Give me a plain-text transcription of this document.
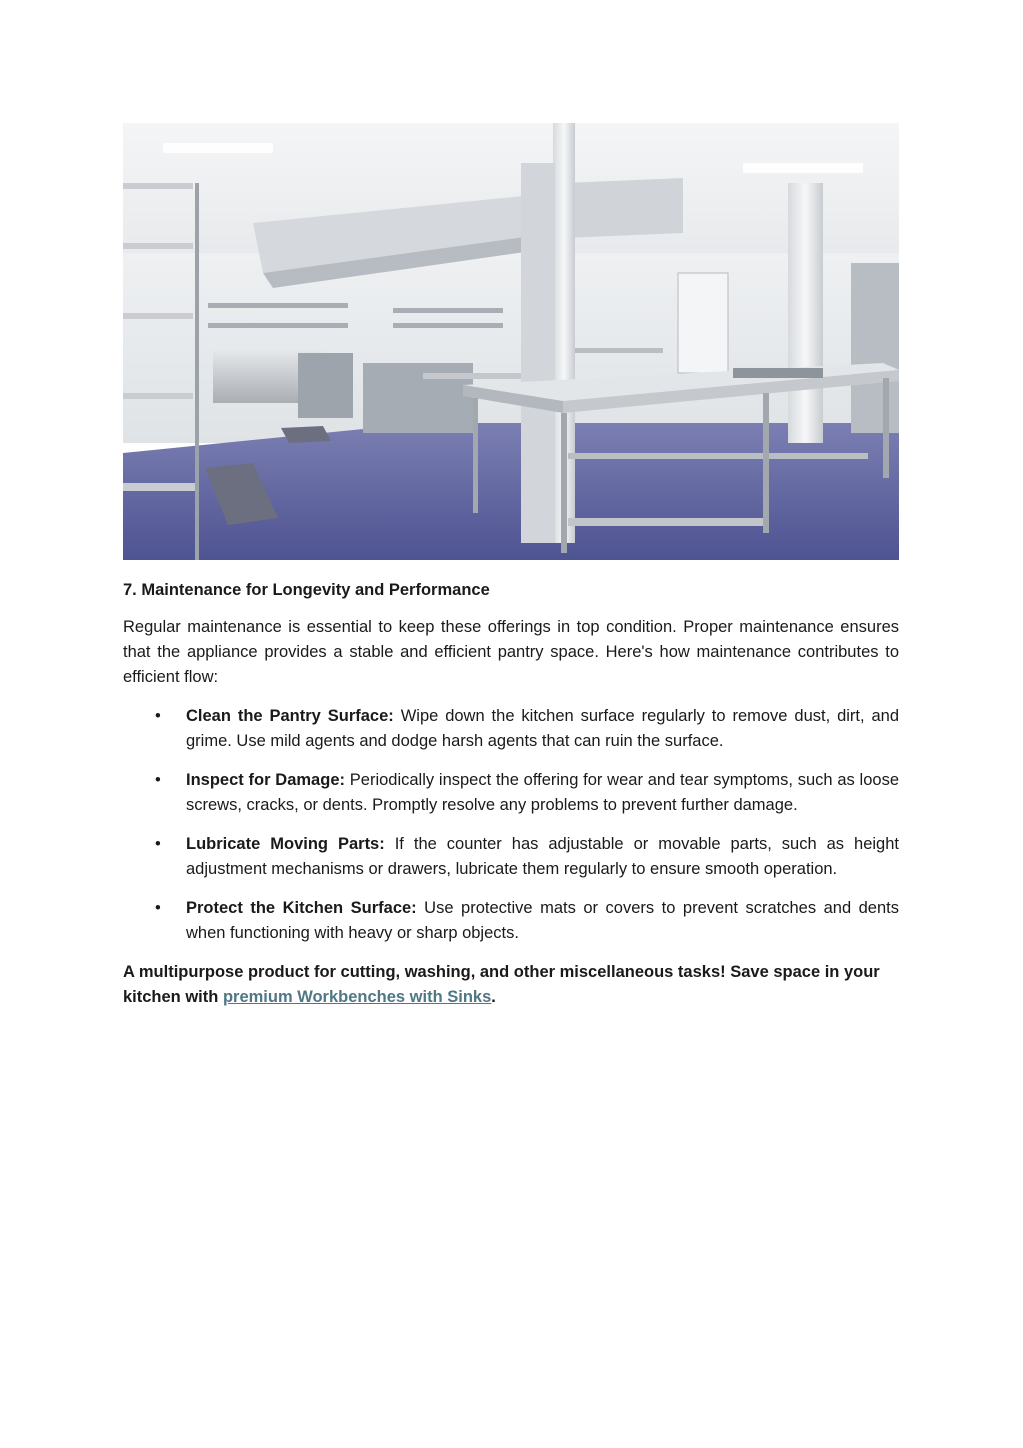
7. Maintenance for Longevity and Performance

Regular maintenance is essential to keep these offerings in top condition. Proper maintenance ensures that the appliance provides a stable and efficient pantry space. Here's how maintenance contributes to efficient flow:

• Clean the Pantry Surface: Wipe down the kitchen surface regularly to remove dust, dirt, and grime. Use mild agents and dodge harsh agents that can ruin the surface.
• Inspect for Damage: Periodically inspect the offering for wear and tear symptoms, such as loose screws, cracks, or dents. Promptly resolve any problems to prevent further damage.
• Lubricate Moving Parts: If the counter has adjustable or movable parts, such as height adjustment mechanisms or drawers, lubricate them regularly to ensure smooth operation.
• Protect the Kitchen Surface: Use protective mats or covers to prevent scratches and dents when functioning with heavy or sharp objects.

A multipurpose product for cutting, washing, and other miscellaneous tasks! Save space in your kitchen with premium Workbenches with Sinks.
